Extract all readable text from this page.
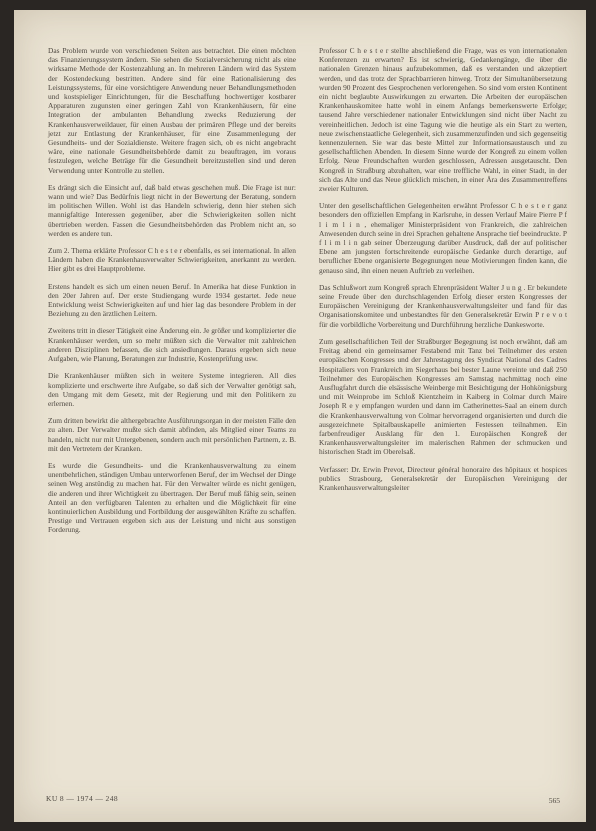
Das Problem wurde von verschiedenen Seiten aus betrachtet. Die einen möchten das Finanzierungssystem ändern. Sie sehen die Sozialversicherung nicht als eine wirksame Methode der Kostenzahlung an. In mehreren Ländern wird das System der Kostendeckung bestritten. Andere sind für eine Rationalisierung des Leistungssystems, für eine vorsichtigere Anwendung neuer Behandlungsmethoden und kostspieliger Einrichtungen, für die Beschaffung hochwertiger kostbarer Apparaturen zugunsten einer geringen Zahl von Krankenhäusern, für eine Integration der ambulanten Behandlung zwecks Reduzierung der Krankenhausverweildauer, für einen Ausbau der primären Pflege und der bereits jetzt zur Entlastung der Krankenhäuser, für eine Zusammenlegung der Gesundheits- und der Sozialdienste. Weitere fragen sich, ob es nicht angebracht wäre, eine nationale Gesundheitsbehörde damit zu beauftragen, im voraus festzulegen, welche Beträge für die Gesundheit bereitzustellen sind und deren Verwendung unter Kontrolle zu stellen.

Es drängt sich die Einsicht auf, daß bald etwas geschehen muß. Die Frage ist nur: wann und wie? Das Bedürfnis liegt nicht in der Bewertung der Beratung, sondern im politischen Willen. Wohl ist das Handeln schwierig, denn hier stehen sich mannigfaltige Interessen gegenüber, aber die Schwierigkeiten sollen nicht übertrieben werden. Fassen die Gesundheitsbehörden das Problem nicht an, so werden es andere tun.

Zum 2. Thema erklärte Professor C h e s t e r ebenfalls, es sei international. In allen Ländern haben die Krankenhausverwalter Schwierigkeiten, anerkannt zu werden. Hier gibt es drei Hauptprobleme.

Erstens handelt es sich um einen neuen Beruf. In Amerika hat diese Funktion in den 20er Jahren auf. Der erste Studiengang wurde 1934 gestartet. Jede neue Entwicklung weist Schwierigkeiten auf und hier lag das besondere Problem in der Beziehung zu den ärztlichen Leitern.

Zweitens tritt in dieser Tätigkeit eine Änderung ein. Je größer und komplizierter die Krankenhäuser werden, um so mehr müßten sich die Verwalter mit zahlreichen anderen Disziplinen befassen, die sich ansiedlungen. Daraus ergeben sich neue Aufgaben, wie Planung, Beratungen zur Industrie, Kostenprüfung usw.

Die Krankenhäuser müßten sich in weitere Systeme integrieren. All dies komplizierte und erschwerte ihre Aufgabe, so daß sich der Verwalter genötigt sah, den Umgang mit dem Gesetz, mit der Regierung und mit den Politikern zu erlernen.

Zum dritten bewirkt die althergebrachte Ausführungsorgan in der meisten Fälle den zu alten. Der Verwalter mußte sich damit abfinden, als Mitglied einer Teams zu handeln, nicht nur mit Untergebenen, sondern auch mit persönlichen Partnern, z. B. mit den Vertretern der Kranken.

Es wurde die Gesundheits- und die Krankenhausverwaltung zu einem unentbehrlichen, ständigen Umbau unterworfenen Beruf, der im Wechsel der Dinge seinen Weg anstündig zu machen hat. Für den Verwalter würde es nicht genügen, die anderen und ihrer Wichtigkeit zu übertragen. Der Beruf muß fähig sein, seinen Anteil an den verfügbaren Talenten zu erhalten und die Möglichkeit für eine kontinuierlichen Ausbildung und Fortbildung der ausgewählten Kräfte zu schaffen. Prestige und Vertrauen ergeben sich aus der Leistung und nicht aus sonstigen Forderung.

Professor C h e s t e r stellte abschließend die Frage, was es von internationalen Konferenzen zu erwarten? Es ist schwierig, Gedankengänge, die über die nationalen Grenzen hinaus aufzubekommen, daß es verstanden und akzeptiert werden, und das trotz der Sprachbarrieren hinweg. Trotz der Simultanübersetzung wurden 90 Prozent des Gesprochenen verlorengehen. So sind vom ersten Kontinent ein nicht beglaubte Auswirkungen zu erwarten. Die Arbeiten der europäischen Krankenhauskomitee hatte wohl in einem Anfangs bemerkenswerte Erfolge; tausend Jahre verschiedener nationaler Entwicklungen sind nicht über Nacht zu vereinheitlichen. Jedoch ist eine Tagung wie die heutige als ein Start zu werten, neue zwischenstaatliche Gelegenheit, sich zusammenzufinden und sich gegenseitig kennenzulernen. Sie war das beste Mittel zur Informationsaustausch und zu gesellschaftlichen Abenden. In diesem Sinne wurde der Kongreß zu einem vollen Erfolg. Neue Freundschaften wurden geschlossen, Adressen ausgetauscht. Den Kongreß in Straßburg abzuhalten, war eine treffliche Wahl, in einer Stadt, in der sich das Alte und das Neue glücklich mischen, in einer Ära des Zusammentreffens zweier Kulturen.

Unter den gesellschaftlichen Gelegenheiten erwähnt Professor C h e s t e r ganz besonders den offiziellen Empfang in Karlsruhe, in dessen Verlauf Maire Pierre P f l i m l i n , ehemaliger Ministerpräsident von Frankreich, die zahlreichen Anwesenden durch seine in drei Sprachen gehaltene Ansprache tief beeindruckte. P f l i m l i n gab seiner Überzeugung darüber Ausdruck, daß der auf politischer Ebene am jungsten fortschreitende europäische Gedanke durch derartige, auf beruflicher Ebene organisierte Begegnungen neue Motivierungen finden kann, die genauso sind, ihn einen neuen Auftrieb zu verleihen.

Das Schlußwort zum Kongreß sprach Ehrenpräsident Walter J u n g . Er bekundete seine Freude über den durchschlagenden Erfolg dieser ersten Kongresses der Europäischen Vereinigung der Krankenhausverwaltungsleiter und fand für das Organisationskomitee und unbestandtes für den Generalsekretär Erwin P r e v o t für die vorbildliche Vorbereitung und Durchführung herzliche Dankesworte.

Zum gesellschaftlichen Teil der Straßburger Begegnung ist noch erwähnt, daß am Freitag abend ein gemeinsamer Festabend mit Tanz bei Teilnehmer des ersten europäischen Kongresses und der Jahrestagung des Syndicat National des Cadres Hospitaliers von Frankreich im Siegerhaus bei bester Laune vereinte und daß 250 Teilnehmer des Europäischen Kongresses am Samstag nachmittag noch eine Ausflugfahrt durch die elsässische Weinberge mit Besichtigung der Hohkönigsburg und mit Weinprobe im Schloß Kientzheim in Kaiberg in Colmar durch Maire Joseph R e y empfangen wurden und dann im Catherinettes-Saal an einem durch die Krankenhausverwaltung von Colmar hervorragend organisierten und durch die ausgezeichnete Spitalbauskapelle animierten Festessen teilnahmen. Ein farbenfreudiger Ausklang für den 1. Europäischen Kongreß der Krankenhausverwaltungsleiter im malerischen Rahmen der schmucken und historischen Stadt im Oberelsaß.

Verfasser: Dr. Erwin Prevot, Directeur général honoraire des hôpitaux et hospices publics Strasbourg, Generalsekretär der Europäischen Vereinigung der Krankenhausverwaltungsleiter

KU 8 — 1974 — 248	565
